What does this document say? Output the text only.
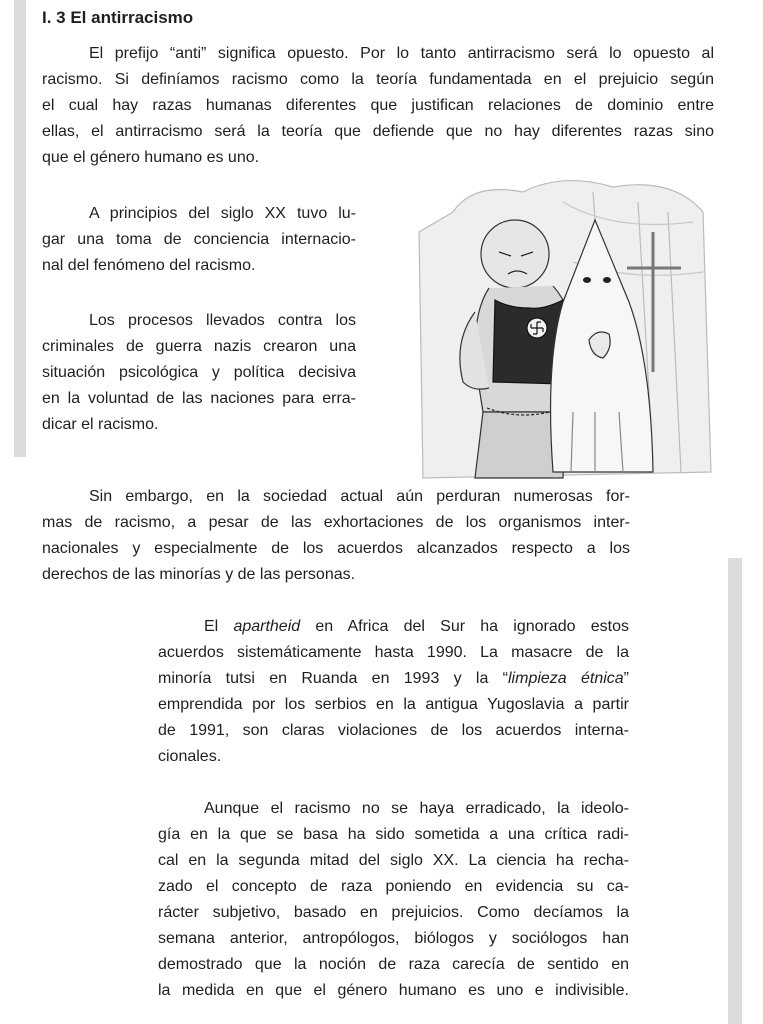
I. 3 El antirracismo
El prefijo “anti” significa opuesto. Por lo tanto antirracismo será lo opuesto al
racismo. Si definíamos racismo como la teoría fundamentada en el prejuicio según
el cual hay razas humanas diferentes que justifican relaciones de dominio entre
ellas, el antirracismo será la teoría que defiende que no hay diferentes razas sino
que el género humano es uno.
A principios del siglo XX tuvo lu-
gar una toma de conciencia internacio-
nal del fenómeno del racismo.
Los procesos llevados contra los
criminales de guerra nazis crearon una
situación psicológica y política decisiva
en la voluntad de las naciones para erra-
dicar el racismo.
Sin embargo, en la sociedad actual aún perduran numerosas for-
mas de racismo, a pesar de las exhortaciones de los organismos inter-
nacionales y especialmente de los acuerdos alcanzados respecto a los
derechos de las minorías y de las personas.
El apartheid en Africa del Sur ha ignorado estos
acuerdos sistemáticamente hasta 1990. La masacre de la
minoría tutsi en Ruanda en 1993 y la “limpieza étnica”
emprendida por los serbios en la antigua Yugoslavia a partir
de 1991, son claras violaciones de los acuerdos interna-
cionales.
Aunque el racismo no se haya erradicado, la ideolo-
gía en la que se basa ha sido sometida a una crítica radi-
cal en la segunda mitad del siglo XX. La ciencia ha recha-
zado el concepto de raza poniendo en evidencia su ca-
rácter subjetivo, basado en prejuicios. Como decíamos la
semana anterior, antropólogos, biólogos y sociólogos han
demostrado que la noción de raza carecía de sentido en
la medida en que el género humano es uno e indivisible.
